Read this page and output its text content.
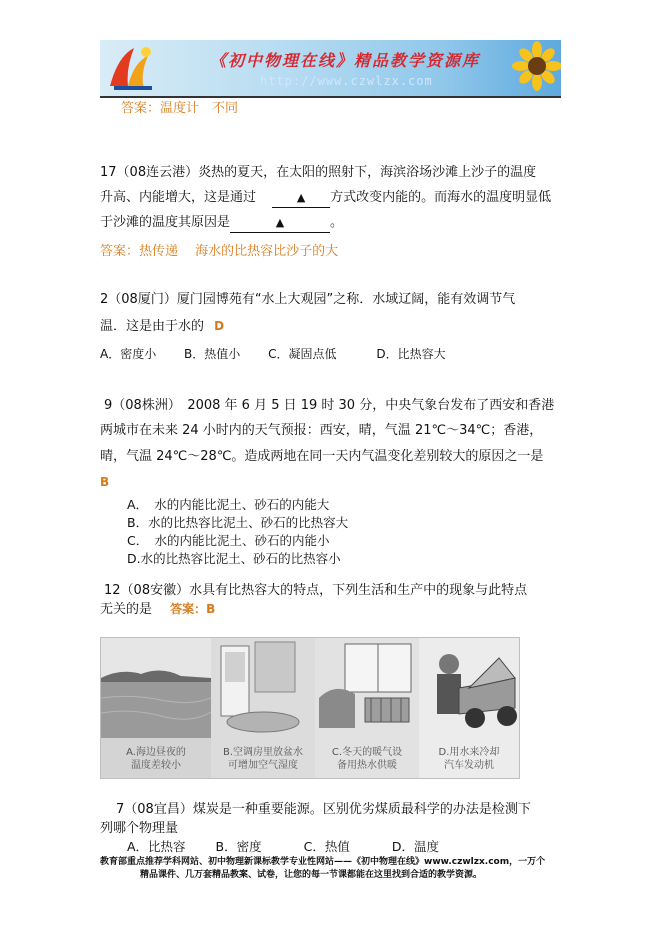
《初中物理在线》精品教学资源库
http://www.czwlzx.com
答案：温度计　不同
17（08连云港）炎热的夏天，在太阳的照射下，海滨浴场沙滩上沙子的温度
升高、内能增大，这是通过	▲ 方式改变内能的。而海水的温度明显低
于沙滩的温度其原因是	▲	。
答案：热传递　 海水的比热容比沙子的大
2（08厦门）厦门园博苑有“水上大观园”之称．水域辽阔，能有效调节气
温．这是由于水的 D
A．密度小 B．热值小 C．凝固点低	D．比热容大
9（08株洲）　2008 年 6 月 5 日 19 时 30 分，中央气象台发布了西安和香港
两城市在未来 24 小时内的天气预报：西安，晴，气温 21℃～34℃；香港，
晴，气温 24℃～28℃。造成两地在同一天内气温变化差别较大的原因之一是
B
A．　水的内能比泥土、砂石的内能大
B．水的比热容比泥土、砂石的比热容大
C．　水的内能比泥土、砂石的内能小
D.水的比热容比泥土、砂石的比热容小
12（08安徽）水具有比热容大的特点，下列生活和生产中的现象与此特点
无关的是 答案：B
A.海边昼夜的
温度差较小
B.空调房里放盆水
可增加空气湿度
C.冬天的暖气设
备用热水供暖
D.用水来冷却
汽车发动机
7（08宜昌）煤炭是一种重要能源。区别优劣煤质最科学的办法是检测下
列哪个物理量
A．比热容 B．密度	C．热值	D．温度
教育部重点推荐学科网站、初中物理新课标教学专业性网站——《初中物理在线》www.czwlzx.com，一万个
精品课件、几万套精品教案、试卷，让您的每一节课都能在这里找到合适的教学资源。
